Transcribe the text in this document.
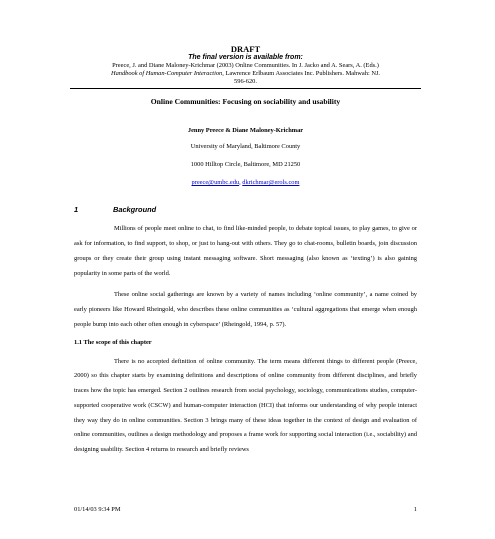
DRAFT
The final version is available from:
Preece, J. and Diane Maloney-Krichmar (2003) Online Communities. In J. Jacko and A. Sears, A. (Eds.)
Handbook of Human-Computer Interaction, Lawrence Erlbaum Associates Inc. Publishers. Mahwah: NJ.
596-620.
Online Communities: Focusing on sociability and usability
Jenny Preece & Diane Maloney-Krichmar
University of Maryland, Baltimore County
1000 Hilltop Circle, Baltimore, MD 21250
preece@umbc.edu, dkrichmar@erols.com
1	Background

Millions of people meet online to chat, to find like-minded people, to debate topical issues, to play games, to give or ask for information, to find support, to shop, or just to hang-out with others. They go to chat-rooms, bulletin boards, join discussion groups or they create their group using instant messaging software. Short messaging (also known as ‘texting’) is also gaining popularity in some parts of the world.

These online social gatherings are known by a variety of names including ‘online community’, a name coined by early pioneers like Howard Rheingold, who describes these online communities as ‘cultural aggregations that emerge when enough people bump into each other often enough in cyberspace’ (Rheingold, 1994, p. 57).

1.1 The scope of this chapter

There is no accepted definition of online community. The term means different things to different people (Preece, 2000) so this chapter starts by examining definitions and descriptions of online community from different disciplines, and briefly traces how the topic has emerged. Section 2 outlines research from social psychology, sociology, communications studies, computer-supported cooperative work (CSCW) and human-computer interaction (HCI) that informs our understanding of why people interact they way they do in online communities. Section 3 brings many of these ideas together in the context of design and evaluation of online communities, outlines a design methodology and proposes a frame work for supporting social interaction (i.e., sociability) and designing usability. Section 4 returns to research and briefly reviews

01/14/03 9:34 PM	1
